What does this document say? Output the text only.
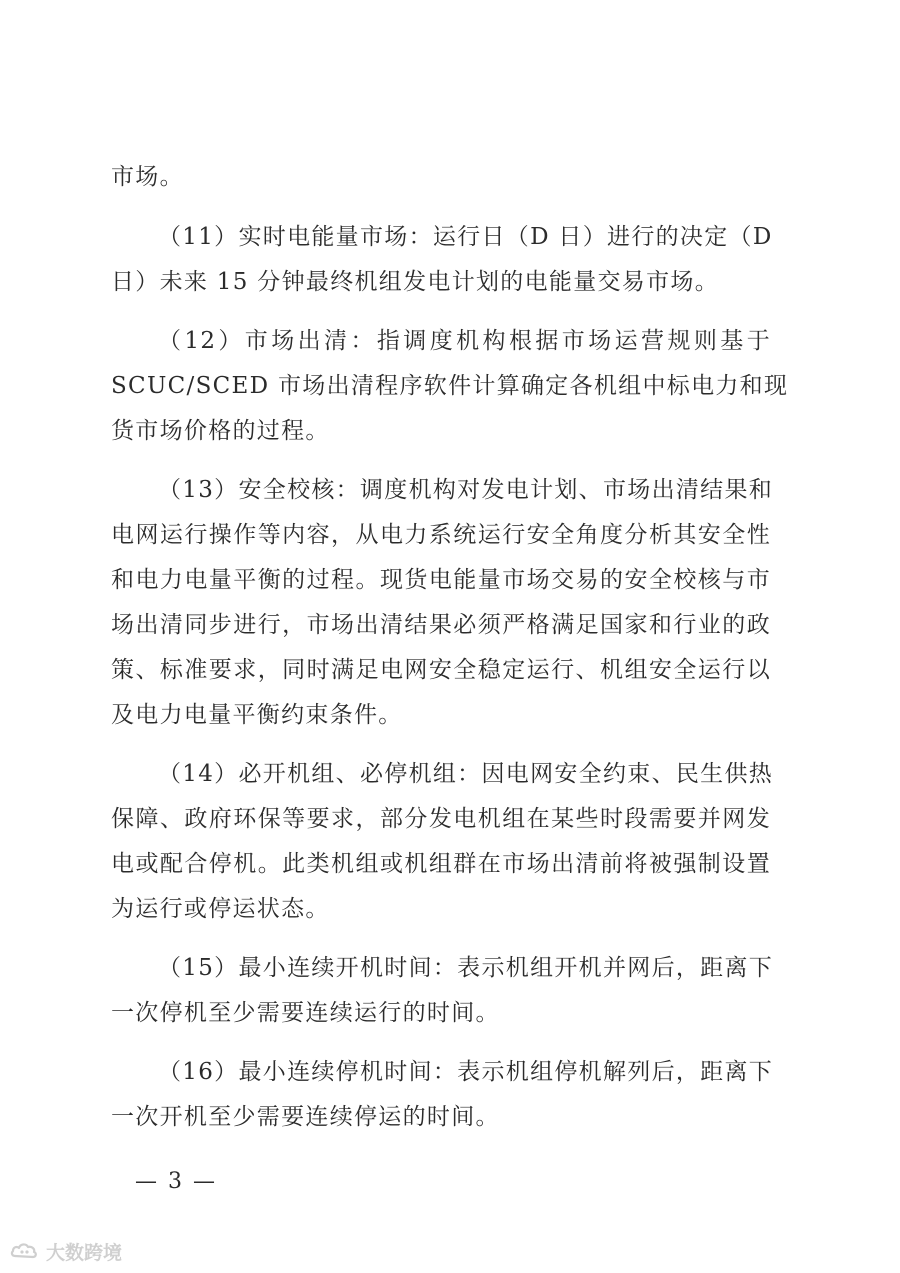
市场。
（11）实时电能量市场：运行日（D 日）进行的决定（D
日）未来 15 分钟最终机组发电计划的电能量交易市场。
（12）市场出清：指调度机构根据市场运营规则基于
SCUC/SCED 市场出清程序软件计算确定各机组中标电力和现
货市场价格的过程。
（13）安全校核：调度机构对发电计划、市场出清结果和
电网运行操作等内容，从电力系统运行安全角度分析其安全性
和电力电量平衡的过程。现货电能量市场交易的安全校核与市
场出清同步进行，市场出清结果必须严格满足国家和行业的政
策、标准要求，同时满足电网安全稳定运行、机组安全运行以
及电力电量平衡约束条件。
（14）必开机组、必停机组：因电网安全约束、民生供热
保障、政府环保等要求，部分发电机组在某些时段需要并网发
电或配合停机。此类机组或机组群在市场出清前将被强制设置
为运行或停运状态。
（15）最小连续开机时间：表示机组开机并网后，距离下
一次停机至少需要连续运行的时间。
（16）最小连续停机时间：表示机组停机解列后，距离下
一次开机至少需要连续停运的时间。
— 3 —
大数跨境
